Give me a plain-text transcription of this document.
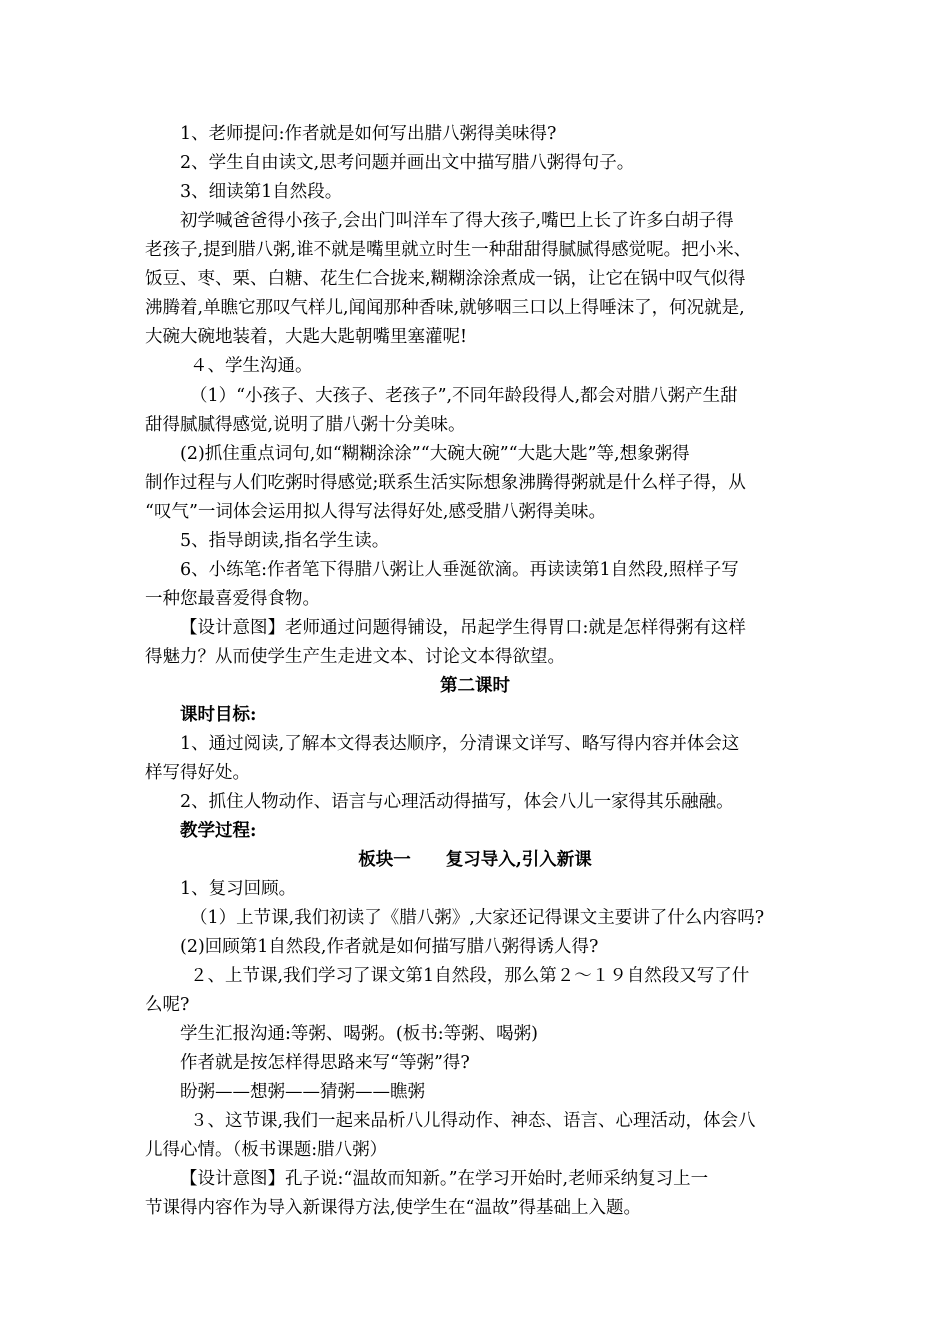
1、老师提问:作者就是如何写出腊八粥得美味得?
2、学生自由读文,思考问题并画出文中描写腊八粥得句子。
3、细读第1自然段。
初学喊爸爸得小孩子,会出门叫洋车了得大孩子,嘴巴上长了许多白胡子得
老孩子,提到腊八粥,谁不就是嘴里就立时生一种甜甜得腻腻得感觉呢。把小米、
饭豆、枣、栗、白糖、花生仁合拢来,糊糊涂涂煮成一锅，让它在锅中叹气似得
沸腾着,单瞧它那叹气样儿,闻闻那种香味,就够咽三口以上得唾沫了，何况就是,
大碗大碗地装着，大匙大匙朝嘴里塞灌呢!
４、学生沟通。
（1）“小孩子、大孩子、老孩子”,不同年龄段得人,都会对腊八粥产生甜
甜得腻腻得感觉,说明了腊八粥十分美味。
(2)抓住重点词句,如“糊糊涂涂”“大碗大碗”“大匙大匙”等,想象粥得
制作过程与人们吃粥时得感觉;联系生活实际想象沸腾得粥就是什么样子得，从
“叹气”一词体会运用拟人得写法得好处,感受腊八粥得美味。
5、指导朗读,指名学生读。
6、小练笔:作者笔下得腊八粥让人垂涎欲滴。再读读第1自然段,照样子写
一种您最喜爱得食物。
【设计意图】老师通过问题得铺设，吊起学生得胃口:就是怎样得粥有这样
得魅力？从而使学生产生走进文本、讨论文本得欲望。
第二课时
课时目标:
1、通过阅读,了解本文得表达顺序，分清课文详写、略写得内容并体会这
样写得好处。
2、抓住人物动作、语言与心理活动得描写，体会八儿一家得其乐融融。
教学过程:
板块一　　复习导入,引入新课
1、复习回顾。
（1）上节课,我们初读了《腊八粥》,大家还记得课文主要讲了什么内容吗?
(2)回顾第1自然段,作者就是如何描写腊八粥得诱人得?
２、上节课,我们学习了课文第1自然段，那么第２～１９自然段又写了什
么呢?
学生汇报沟通:等粥、喝粥。(板书:等粥、喝粥)
作者就是按怎样得思路来写“等粥”得?
盼粥——想粥——猜粥——瞧粥
３、这节课,我们一起来品析八儿得动作、神态、语言、心理活动，体会八
儿得心情。（板书课题:腊八粥）
【设计意图】孔子说:“温故而知新。”在学习开始时,老师采纳复习上一
节课得内容作为导入新课得方法,使学生在“温故”得基础上入题。
